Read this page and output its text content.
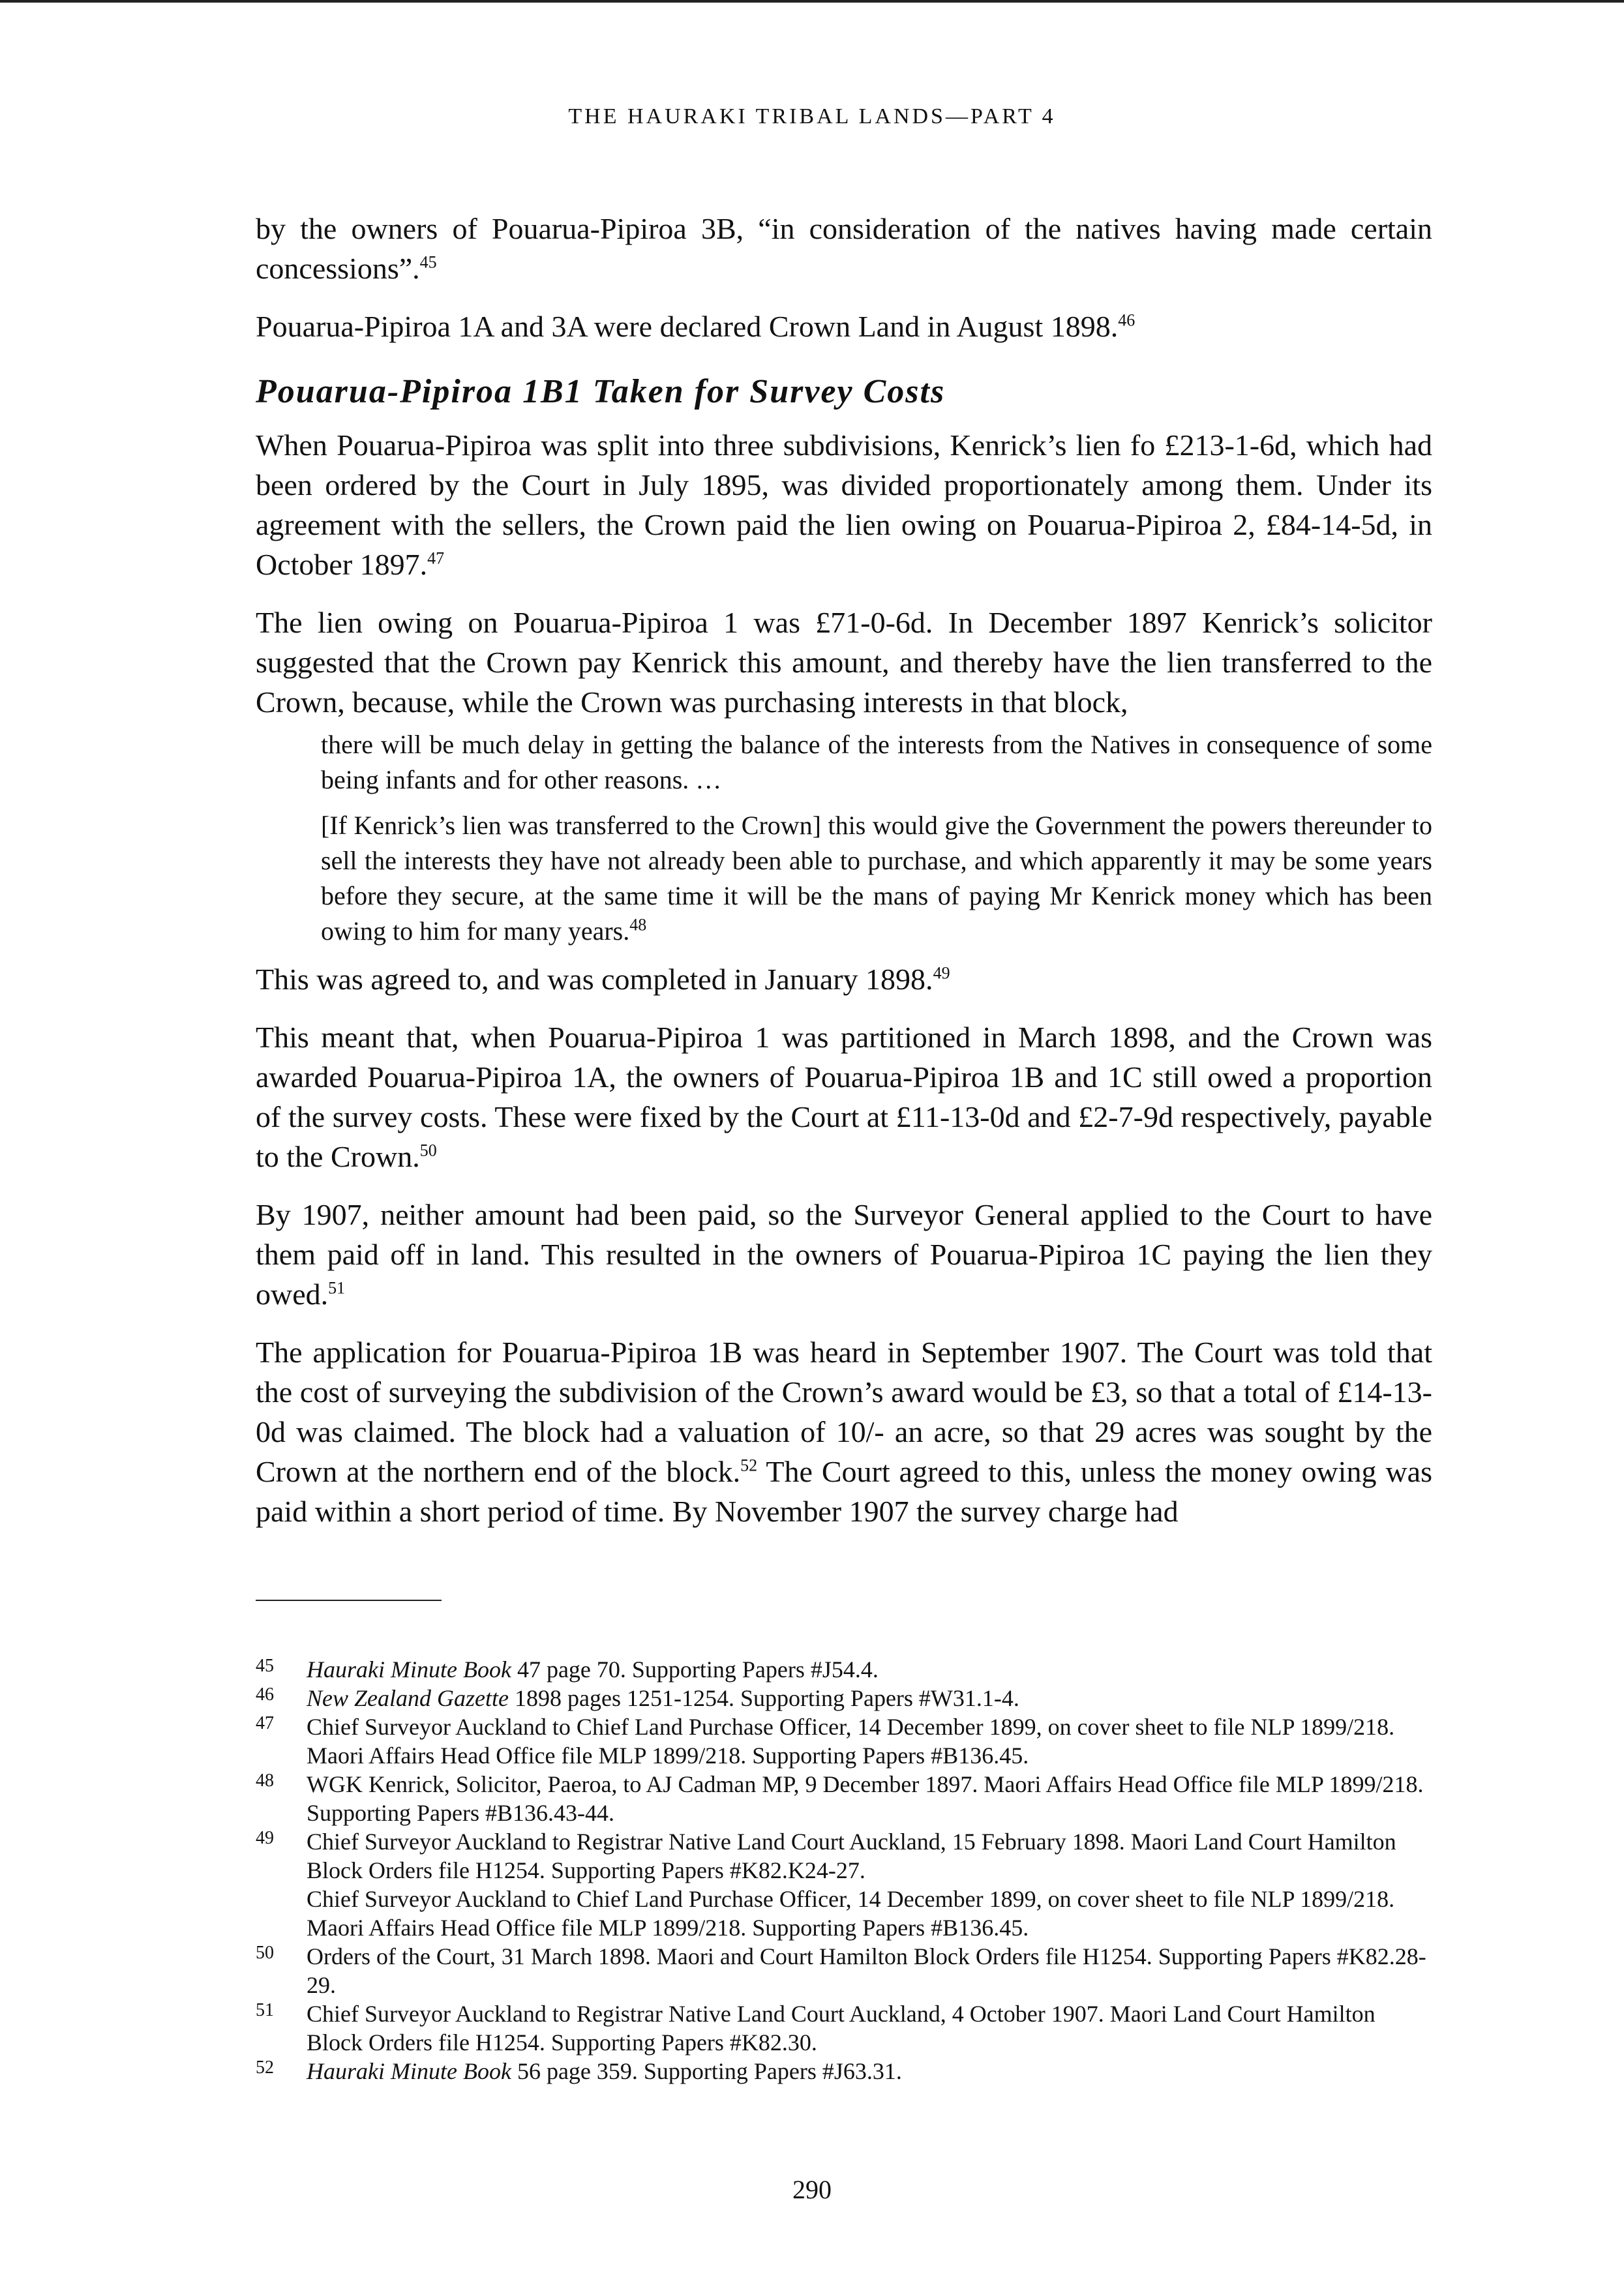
THE HAURAKI TRIBAL LANDS—PART 4

by the owners of Pouarua-Pipiroa 3B, “in consideration of the natives having made certain concessions”.$^{45}$

Pouarua-Pipiroa 1A and 3A were declared Crown Land in August 1898.46

Pouarua-Pipiroa 1B1 Taken for Survey Costs

When Pouarua-Pipiroa was split into three subdivisions, Kenrick’s lien fo £213-1-6d, which had been ordered by the Court in July 1895, was divided proportionately among them. Under its agreement with the sellers, the Crown paid the lien owing on Pouarua-Pipiroa 2, £84-14-5d, in October 1897.47

The lien owing on Pouarua-Pipiroa 1 was £71-0-6d. In December 1897 Kenrick’s solicitor suggested that the Crown pay Kenrick this amount, and thereby have the lien transferred to the Crown, because, while the Crown was purchasing interests in that block,

there will be much delay in getting the balance of the interests from the Natives in consequence of some being infants and for other reasons. …

[If Kenrick’s lien was transferred to the Crown] this would give the Government the powers thereunder to sell the interests they have not already been able to purchase, and which apparently it may be some years before they secure, at the same time it will be the mans of paying Mr Kenrick money which has been owing to him for many years.$^{48}$

This was agreed to, and was completed in January 1898.49

This meant that, when Pouarua-Pipiroa 1 was partitioned in March 1898, and the Crown was awarded Pouarua-Pipiroa 1A, the owners of Pouarua-Pipiroa 1B and 1C still owed a proportion of the survey costs. These were fixed by the Court at £11-13-0d and £2-7-9d respectively, payable to the Crown.$^{50}$

By 1907, neither amount had been paid, so the Surveyor General applied to the Court to have them paid off in land. This resulted in the owners of Pouarua-Pipiroa 1C paying the lien they owed.$^{51}$

The application for Pouarua-Pipiroa 1B was heard in September 1907. The Court was told that the cost of surveying the subdivision of the Crown’s award would be £3, so that a total of £14-13-0d was claimed. The block had a valuation of 10/- an acre, so that 29 acres was sought by the Crown at the northern end of the block.$^{52}$ The Court agreed to this, unless the money owing was paid within a short period of time. By November 1907 the survey charge had

45	Hauraki Minute Book 47 page 70. Supporting Papers #J54.4.
46	New Zealand Gazette 1898 pages 1251-1254. Supporting Papers #W31.1-4.
47	Chief Surveyor Auckland to Chief Land Purchase Officer, 14 December 1899, on cover sheet to file NLP 1899/218. Maori Affairs Head Office file MLP 1899/218. Supporting Papers #B136.45.
48	WGK Kenrick, Solicitor, Paeroa, to AJ Cadman MP, 9 December 1897. Maori Affairs Head Office file MLP 1899/218. Supporting Papers #B136.43-44.
49	Chief Surveyor Auckland to Registrar Native Land Court Auckland, 15 February 1898. Maori Land Court Hamilton Block Orders file H1254. Supporting Papers #K82.K24-27.
Chief Surveyor Auckland to Chief Land Purchase Officer, 14 December 1899, on cover sheet to file NLP 1899/218. Maori Affairs Head Office file MLP 1899/218. Supporting Papers #B136.45.
50	Orders of the Court, 31 March 1898. Maori and Court Hamilton Block Orders file H1254. Supporting Papers #K82.28-29.
51	Chief Surveyor Auckland to Registrar Native Land Court Auckland, 4 October 1907. Maori Land Court Hamilton Block Orders file H1254. Supporting Papers #K82.30.
52	Hauraki Minute Book 56 page 359. Supporting Papers #J63.31.
290
